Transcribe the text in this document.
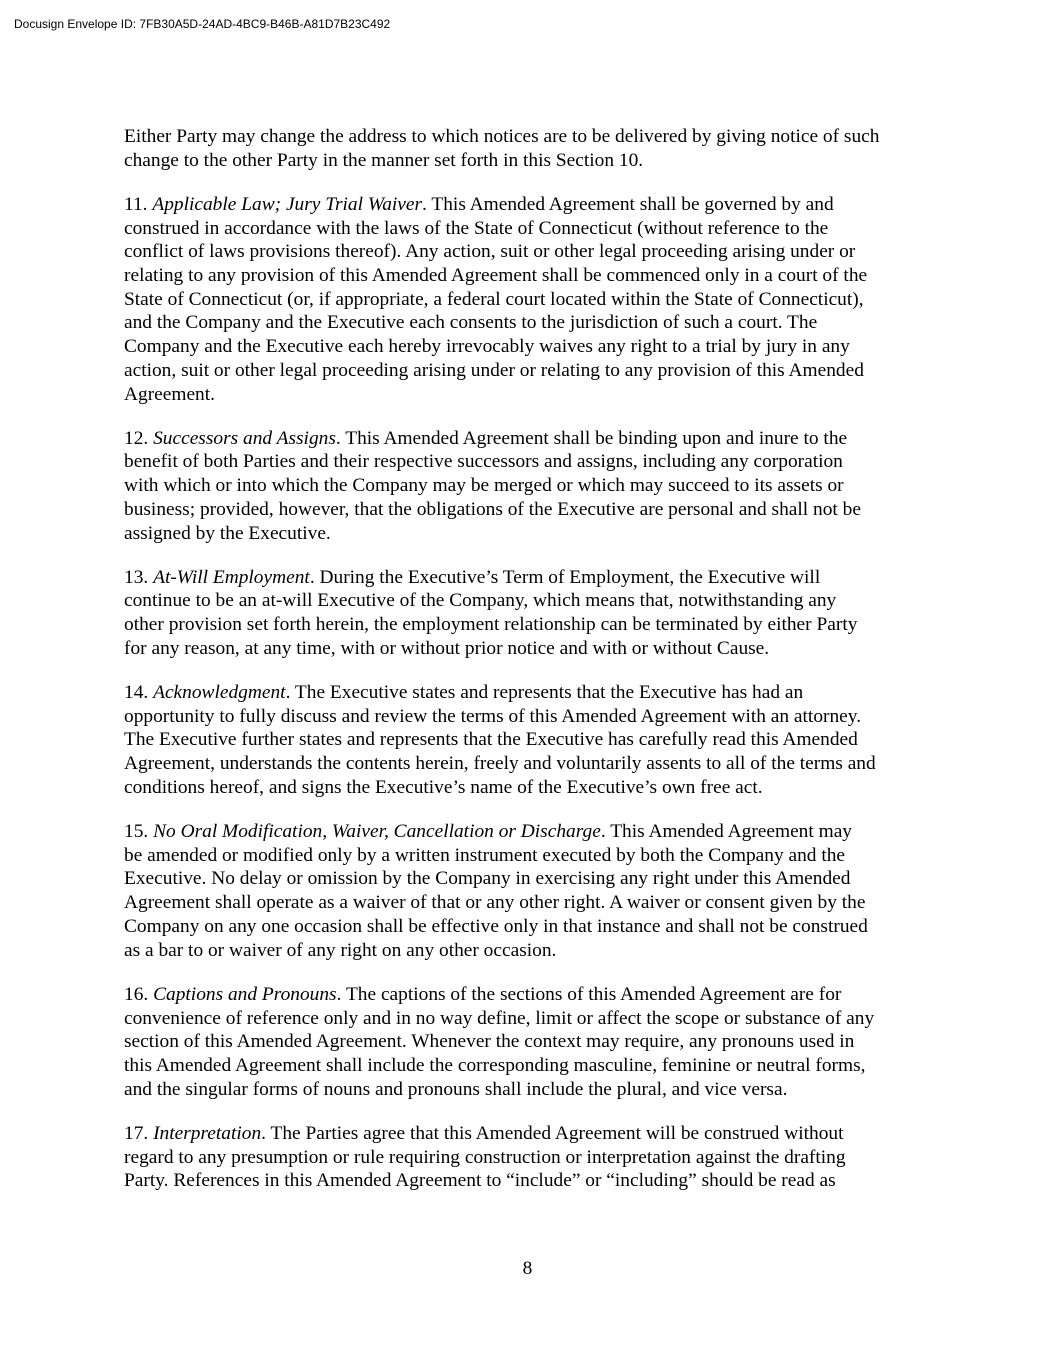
Docusign Envelope ID: 7FB30A5D-24AD-4BC9-B46B-A81D7B23C492
Either Party may change the address to which notices are to be delivered by giving notice of such
change to the other Party in the manner set forth in this Section 10.
11. Applicable Law; Jury Trial Waiver. This Amended Agreement shall be governed by and
construed in accordance with the laws of the State of Connecticut (without reference to the
conflict of laws provisions thereof). Any action, suit or other legal proceeding arising under or
relating to any provision of this Amended Agreement shall be commenced only in a court of the
State of Connecticut (or, if appropriate, a federal court located within the State of Connecticut),
and the Company and the Executive each consents to the jurisdiction of such a court. The
Company and the Executive each hereby irrevocably waives any right to a trial by jury in any
action, suit or other legal proceeding arising under or relating to any provision of this Amended
Agreement.
12. Successors and Assigns. This Amended Agreement shall be binding upon and inure to the
benefit of both Parties and their respective successors and assigns, including any corporation
with which or into which the Company may be merged or which may succeed to its assets or
business; provided, however, that the obligations of the Executive are personal and shall not be
assigned by the Executive.
13. At-Will Employment. During the Executive’s Term of Employment, the Executive will
continue to be an at-will Executive of the Company, which means that, notwithstanding any
other provision set forth herein, the employment relationship can be terminated by either Party
for any reason, at any time, with or without prior notice and with or without Cause.
14. Acknowledgment. The Executive states and represents that the Executive has had an
opportunity to fully discuss and review the terms of this Amended Agreement with an attorney.
The Executive further states and represents that the Executive has carefully read this Amended
Agreement, understands the contents herein, freely and voluntarily assents to all of the terms and
conditions hereof, and signs the Executive’s name of the Executive’s own free act.
15. No Oral Modification, Waiver, Cancellation or Discharge. This Amended Agreement may
be amended or modified only by a written instrument executed by both the Company and the
Executive. No delay or omission by the Company in exercising any right under this Amended
Agreement shall operate as a waiver of that or any other right. A waiver or consent given by the
Company on any one occasion shall be effective only in that instance and shall not be construed
as a bar to or waiver of any right on any other occasion.
16. Captions and Pronouns. The captions of the sections of this Amended Agreement are for
convenience of reference only and in no way define, limit or affect the scope or substance of any
section of this Amended Agreement. Whenever the context may require, any pronouns used in
this Amended Agreement shall include the corresponding masculine, feminine or neutral forms,
and the singular forms of nouns and pronouns shall include the plural, and vice versa.
17. Interpretation. The Parties agree that this Amended Agreement will be construed without
regard to any presumption or rule requiring construction or interpretation against the drafting
Party. References in this Amended Agreement to “include” or “including” should be read as
8
